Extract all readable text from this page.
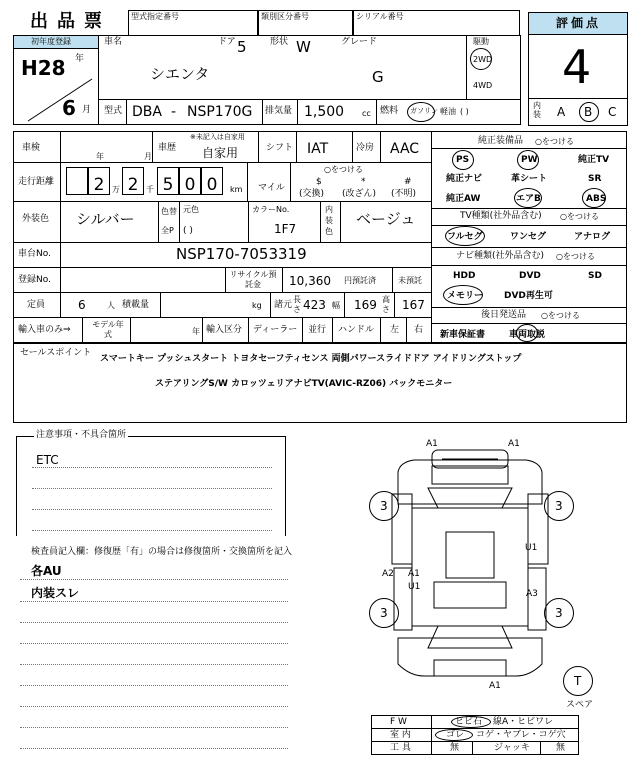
出品票	型式指定番号	類別区分番号	シリアル番号	評価点
4
内装 A B C
初年度登録
H28 年
6 月
車名
シエンタ
ドア 5	形状 W	グレード
G
駆動
2WD
4WD
型式 DBA - NSP170G 排気量 1,500 cc 燃料 ガソリン 軽油 ( )
車検
年	月
車歴
※未記入は自家用
自家用	シフト IAT	冷房 AAC
走行距離 2 万 2 千 5 0 0	km マイル
○をつける
$
(交換)
*
(改ざん)
#
(不明)
外装色 シルバー	色替
全P
元色
( )
カラーNo.
1F7
内装色
ベージュ
車台No.	NSP170-7053319
登録No.
リサイクル預託金	10,360 円預託済	未預託
定員	6	人 積載量	kg 諸元
長さ 423 幅 169 高さ 167
輸入車のみ⇒
モデル年式	年 輸入区分 ディーラー 並行 ハンドル 左 右
純正装備品 ○をつける
PS	PW	純正TV
純正ナビ	革シート	SR
純正AW	エアB	ABS
TV種類(社外品含む) ○をつける
フルセグ	ワンセグ	アナログ
ナビ種類(社外品含む) ○をつける
HDD	DVD	SD
メモリー DVD再生可
後日発送品 ○をつける
新車保証書	車両取説
セールスポイント
スマートキー プッシュスタート トヨタセーフティセンス 両側パワースライドドア アイドリングストップ
ステアリングS/W カロッツェリアナビTV(AVIC-RZ06) バックモニター
注意事項・不具合箇所
ETC
検査員記入欄：修復歴「有」の場合は修復箇所・交換箇所を記入
各AU
内装スレ
A1	A1
3	3
U1
A2 A1
U1
A3
3	3
A1	T
スペア
F W	ヒビ石 線A・ヒビワレ
室 内	ゴレ コゲ・ヤブレ・コゲ穴
工 具	無	ジャッキ	無
